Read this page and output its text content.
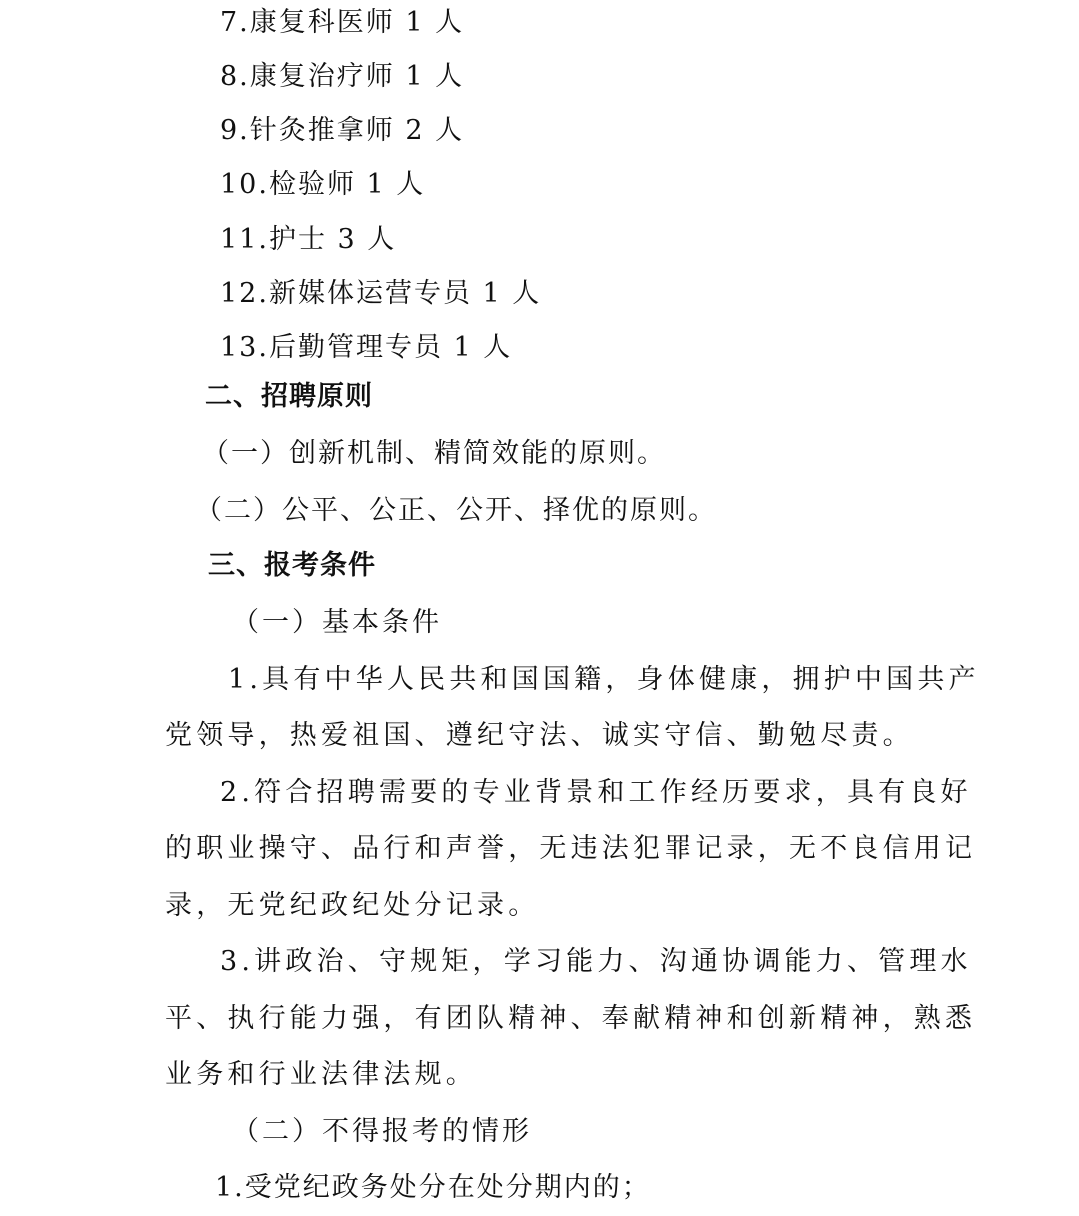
7.康复科医师 1 人
8.康复治疗师 1 人
9.针灸推拿师 2 人
10.检验师 1 人
11.护士 3 人
12.新媒体运营专员 1 人
13.后勤管理专员 1 人
二、招聘原则
（一）创新机制、精简效能的原则。
（二）公平、公正、公开、择优的原则。
三、报考条件
（一）基本条件
1.具有中华人民共和国国籍，身体健康，拥护中国共产
党领导，热爱祖国、遵纪守法、诚实守信、勤勉尽责。
2.符合招聘需要的专业背景和工作经历要求，具有良好
的职业操守、品行和声誉，无违法犯罪记录，无不良信用记
录，无党纪政纪处分记录。
3.讲政治、守规矩，学习能力、沟通协调能力、管理水
平、执行能力强，有团队精神、奉献精神和创新精神，熟悉
业务和行业法律法规。
（二）不得报考的情形
1.受党纪政务处分在处分期内的；
